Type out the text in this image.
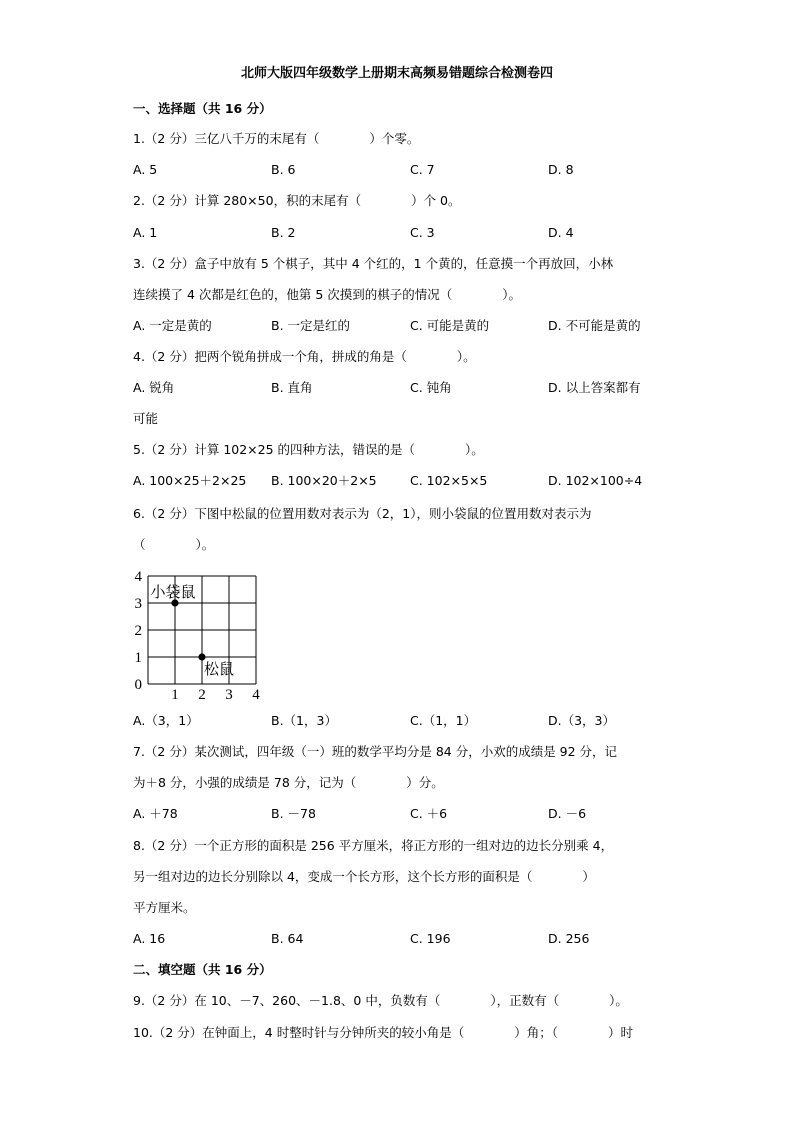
北师大版四年级数学上册期末高频易错题综合检测卷四
一、选择题（共 16 分）
1.（2 分）三亿八千万的末尾有（　　　　）个零。
A. 5	B. 6	C. 7	D. 8
2.（2 分）计算 280×50，积的末尾有（　　　　）个 0。
A. 1	B. 2	C. 3	D. 4
3.（2 分）盒子中放有 5 个棋子，其中 4 个红的，1 个黄的，任意摸一个再放回，小林
连续摸了 4 次都是红色的，他第 5 次摸到的棋子的情况（　　　　）。
A. 一定是黄的	B. 一定是红的	C. 可能是黄的	D. 不可能是黄的
4.（2 分）把两个锐角拼成一个角，拼成的角是（　　　　）。
A. 锐角	B. 直角	C. 钝角	D. 以上答案都有
可能
5.（2 分）计算 102×25 的四种方法，错误的是（　　　　）。
A. 100×25＋2×25 B. 100×20＋2×5	C. 102×5×5	D. 102×100÷4
6.（2 分）下图中松鼠的位置用数对表示为（2，1），则小袋鼠的位置用数对表示为
（　　　　）。
1 2 3 4
0
1
2
3
4
小袋鼠
松鼠
A.（3，1）	B.（1，3）	C.（1，1）	D.（3，3）
7.（2 分）某次测试，四年级（一）班的数学平均分是 84 分，小欢的成绩是 92 分，记
为＋8 分，小强的成绩是 78 分，记为（　　　　）分。
A. ＋78	B. －78	C. ＋6	D. －6
8.（2 分）一个正方形的面积是 256 平方厘米，将正方形的一组对边的边长分别乘 4，
另一组对边的边长分别除以 4，变成一个长方形，这个长方形的面积是（　　　　）
平方厘米。
A. 16	B. 64	C. 196	D. 256
二、填空题（共 16 分）
9.（2 分）在 10、－7、260、－1.8、0 中，负数有（　　　　），正数有（　　　　）。
10.（2 分）在钟面上，4 时整时针与分钟所夹的较小角是（　　　　）角；（　　　　）时
